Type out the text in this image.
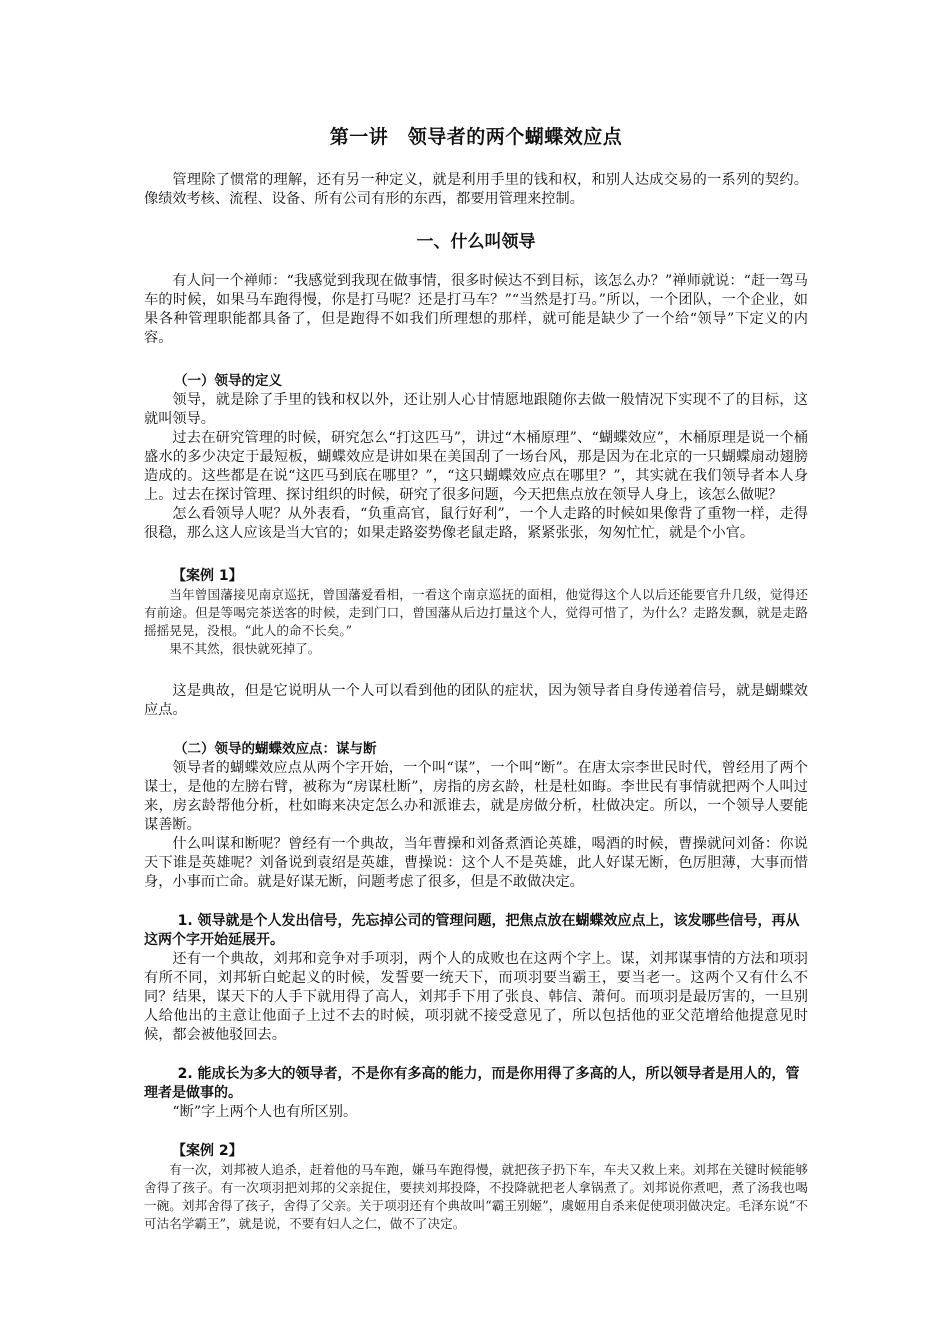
第一讲　领导者的两个蝴蝶效应点

管理除了惯常的理解，还有另一种定义，就是利用手里的钱和权，和别人达成交易的一系列的契约。像绩效考核、流程、设备、所有公司有形的东西，都要用管理来控制。

一、什么叫领导

有人问一个禅师：“我感觉到我现在做事情，很多时候达不到目标，该怎么办？”禅师就说：“赶一驾马车的时候，如果马车跑得慢，你是打马呢？还是打马车？”“当然是打马。”所以，一个团队，一个企业，如果各种管理职能都具备了，但是跑得不如我们所理想的那样，就可能是缺少了一个给“领导”下定义的内容。

（一）领导的定义

领导，就是除了手里的钱和权以外，还让别人心甘情愿地跟随你去做一般情况下实现不了的目标，这就叫领导。

过去在研究管理的时候，研究怎么“打这匹马”，讲过“木桶原理”、“蝴蝶效应”，木桶原理是说一个桶盛水的多少决定于最短板，蝴蝶效应是讲如果在美国刮了一场台风，那是因为在北京的一只蝴蝶扇动翅膀造成的。这些都是在说“这匹马到底在哪里？”，“这只蝴蝶效应点在哪里？”，其实就在我们领导者本人身上。过去在探讨管理、探讨组织的时候，研究了很多问题，今天把焦点放在领导人身上，该怎么做呢？

怎么看领导人呢？从外表看，“负重高官，鼠行好利”，一个人走路的时候如果像背了重物一样，走得很稳，那么这人应该是当大官的；如果走路姿势像老鼠走路，紧紧张张，匆匆忙忙，就是个小官。

【案例 1】

当年曾国藩接见南京巡抚，曾国藩爱看相，一看这个南京巡抚的面相，他觉得这个人以后还能要官升几级，觉得还有前途。但是等喝完茶送客的时候，走到门口，曾国藩从后边打量这个人，觉得可惜了，为什么？走路发飘，就是走路摇摇晃晃，没根。“此人的命不长矣。”

果不其然，很快就死掉了。

这是典故，但是它说明从一个人可以看到他的团队的症状，因为领导者自身传递着信号，就是蝴蝶效应点。

（二）领导的蝴蝶效应点：谋与断

领导者的蝴蝶效应点从两个字开始，一个叫“谋”，一个叫“断”。在唐太宗李世民时代，曾经用了两个谋士，是他的左膀右臂，被称为“房谋杜断”，房指的房玄龄，杜是杜如晦。李世民有事情就把两个人叫过来，房玄龄帮他分析，杜如晦来决定怎么办和派谁去，就是房做分析，杜做决定。所以，一个领导人要能谋善断。

什么叫谋和断呢？曾经有一个典故，当年曹操和刘备煮酒论英雄，喝酒的时候，曹操就问刘备：你说天下谁是英雄呢？刘备说到袁绍是英雄，曹操说：这个人不是英雄，此人好谋无断，色厉胆薄，大事而惜身，小事而亡命。就是好谋无断，问题考虑了很多，但是不敢做决定。

1. 领导就是个人发出信号，先忘掉公司的管理问题，把焦点放在蝴蝶效应点上，该发哪些信号，再从这两个字开始延展开。

还有一个典故，刘邦和竞争对手项羽，两个人的成败也在这两个字上。谋，刘邦谋事情的方法和项羽有所不同，刘邦斩白蛇起义的时候，发誓要一统天下，而项羽要当霸王，要当老一。这两个又有什么不同？结果，谋天下的人手下就用得了高人，刘邦手下用了张良、韩信、萧何。而项羽是最厉害的，一旦别人给他出的主意让他面子上过不去的时候，项羽就不接受意见了，所以包括他的亚父范增给他提意见时候，都会被他驳回去。

2. 能成长为多大的领导者，不是你有多高的能力，而是你用得了多高的人，所以领导者是用人的，管理者是做事的。

“断”字上两个人也有所区别。

【案例 2】

有一次，刘邦被人追杀，赶着他的马车跑，嫌马车跑得慢，就把孩子扔下车，车夫又救上来。刘邦在关键时候能够舍得了孩子。有一次项羽把刘邦的父亲捉住，要挟刘邦投降，不投降就把老人拿锅煮了。刘邦说你煮吧，煮了汤我也喝一碗。刘邦舍得了孩子，舍得了父亲。关于项羽还有个典故叫“霸王别姬”，虞姬用自杀来促使项羽做决定。毛泽东说“不可沽名学霸王”，就是说，不要有妇人之仁，做不了决定。
